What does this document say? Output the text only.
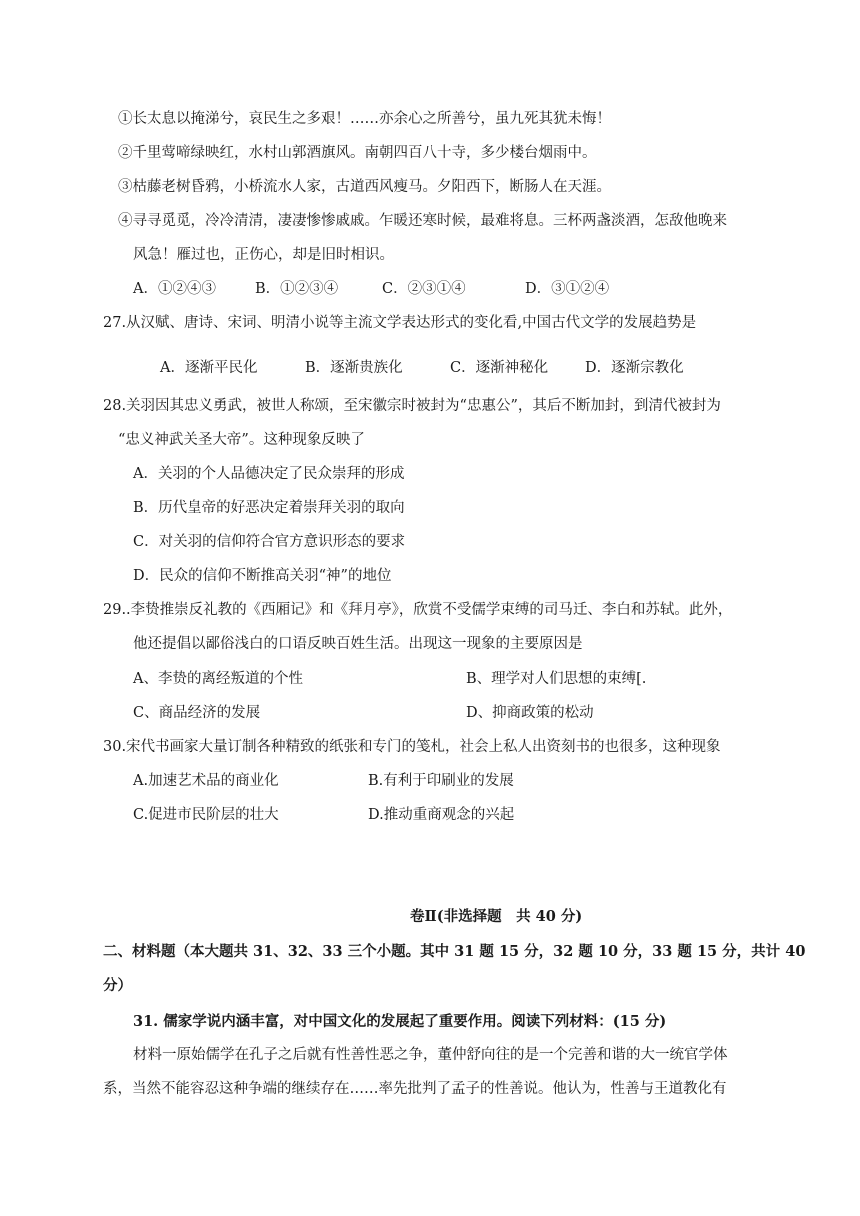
①长太息以掩涕兮，哀民生之多艰！……亦余心之所善兮，虽九死其犹未悔！
②千里莺啼绿映红，水村山郭酒旗风。南朝四百八十寺，多少楼台烟雨中。
③枯藤老树昏鸦，小桥流水人家，古道西风瘦马。夕阳西下，断肠人在天涯。
④寻寻觅觅，冷冷清清，凄凄惨惨戚戚。乍暖还寒时候，最难将息。三杯两盏淡酒，怎敌他晚来
风急！雁过也，正伤心，却是旧时相识。
A．①②④③	B．①②③④	C．②③①④	D．③①②④
27.从汉赋、唐诗、宋词、明清小说等主流文学表达形式的变化看,中国古代文学的发展趋势是
A．逐渐平民化	B．逐渐贵族化	C．逐渐神秘化	D．逐渐宗教化
28.关羽因其忠义勇武，被世人称颂，至宋徽宗时被封为“忠惠公”，其后不断加封，到清代被封为
“忠义神武关圣大帝”。这种现象反映了
A．关羽的个人品德决定了民众崇拜的形成
B．历代皇帝的好恶决定着崇拜关羽的取向
C．对关羽的信仰符合官方意识形态的要求
D．民众的信仰不断推高关羽“神”的地位
29..李贽推崇反礼教的《西厢记》和《拜月亭》，欣赏不受儒学束缚的司马迁、李白和苏轼。此外，
他还提倡以鄙俗浅白的口语反映百姓生活。出现这一现象的主要原因是
A、李贽的离经叛道的个性	B、理学对人们思想的束缚[.
C、商品经济的发展	D、抑商政策的松动
30.宋代书画家大量订制各种精致的纸张和专门的笺札，社会上私人出资刻书的也很多，这种现象
A.加速艺术品的商业化	B.有利于印刷业的发展
C.促进市民阶层的壮大	D.推动重商观念的兴起
卷Ⅱ(非选择题　共 40 分)
二、材料题（本大题共 31、32、33 三个小题。其中 31 题 15 分，32 题 10 分，33 题 15 分，共计 40
分）
31. 儒家学说内涵丰富，对中国文化的发展起了重要作用。阅读下列材料：(15 分)
材料一原始儒学在孔子之后就有性善性恶之争，董仲舒向往的是一个完善和谐的大一统官学体
系，当然不能容忍这种争端的继续存在……率先批判了孟子的性善说。他认为，性善与王道教化有
